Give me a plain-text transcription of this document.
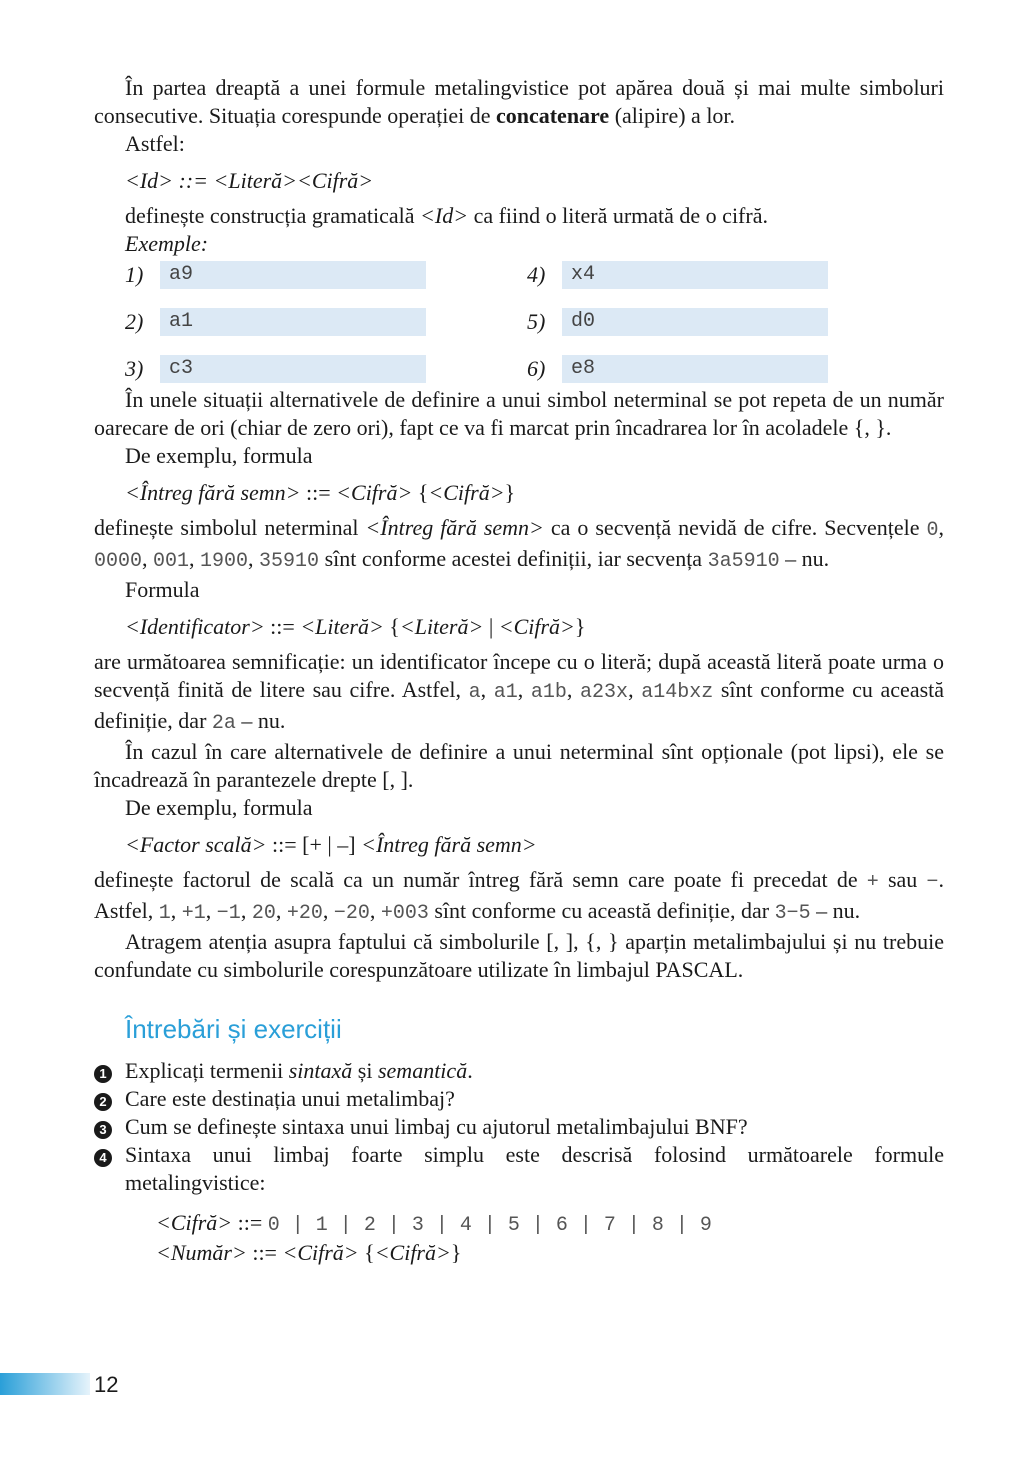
În partea dreaptă a unei formule metalingvistice pot apărea două și mai multe simboluri consecutive. Situația corespunde operației de concatenare (alipire) a lor.

Astfel:

<Id> ::= <Literă><Cifră>

definește construcția gramaticală <Id> ca fiind o literă urmată de o cifră.

Exemple:

1)	a9	4)	x4
2)	a1	5)	d0
3)	c3	6)	e8

În unele situații alternativele de definire a unui simbol neterminal se pot repeta de un număr oarecare de ori (chiar de zero ori), fapt ce va fi marcat prin încadrarea lor în acoladele {, }.

De exemplu, formula

<Întreg fără semn> ::= <Cifră> {<Cifră>}

definește simbolul neterminal <Întreg fără semn> ca o secvență nevidă de cifre. Secvențele 0, 0000, 001, 1900, 35910 sînt conforme acestei definiții, iar secvența 3a5910 – nu.

Formula

<Identificator> ::= <Literă> {<Literă> | <Cifră>}

are următoarea semnificație: un identificator începe cu o literă; după această literă poate urma o secvență finită de litere sau cifre. Astfel, a, a1, a1b, a23x, a14bxz sînt conforme cu această definiție, dar 2a – nu.

În cazul în care alternativele de definire a unui neterminal sînt opționale (pot lipsi), ele se încadrează în parantezele drepte [, ].

De exemplu, formula

<Factor scală> ::= [+ | –] <Întreg fără semn>

definește factorul de scală ca un număr întreg fără semn care poate fi precedat de + sau −. Astfel, 1, +1, −1, 20, +20, −20, +003 sînt conforme cu această definiție, dar 3−5 – nu.

Atragem atenția asupra faptului că simbolurile [, ], {, } aparțin metalimbajului și nu trebuie confundate cu simbolurile corespunzătoare utilizate în limbajul PASCAL.

Întrebări și exerciții
1 Explicați termenii sintaxă și semantică.
2 Care este destinația unui metalimbaj?
3 Cum se definește sintaxa unui limbaj cu ajutorul metalimbajului BNF?
4 Sintaxa unui limbaj foarte simplu este descrisă folosind următoarele formule metalingvistice:
<Cifră> ::= 0 | 1 | 2 | 3 | 4 | 5 | 6 | 7 | 8 | 9
<Număr> ::= <Cifră> {<Cifră>}
12
